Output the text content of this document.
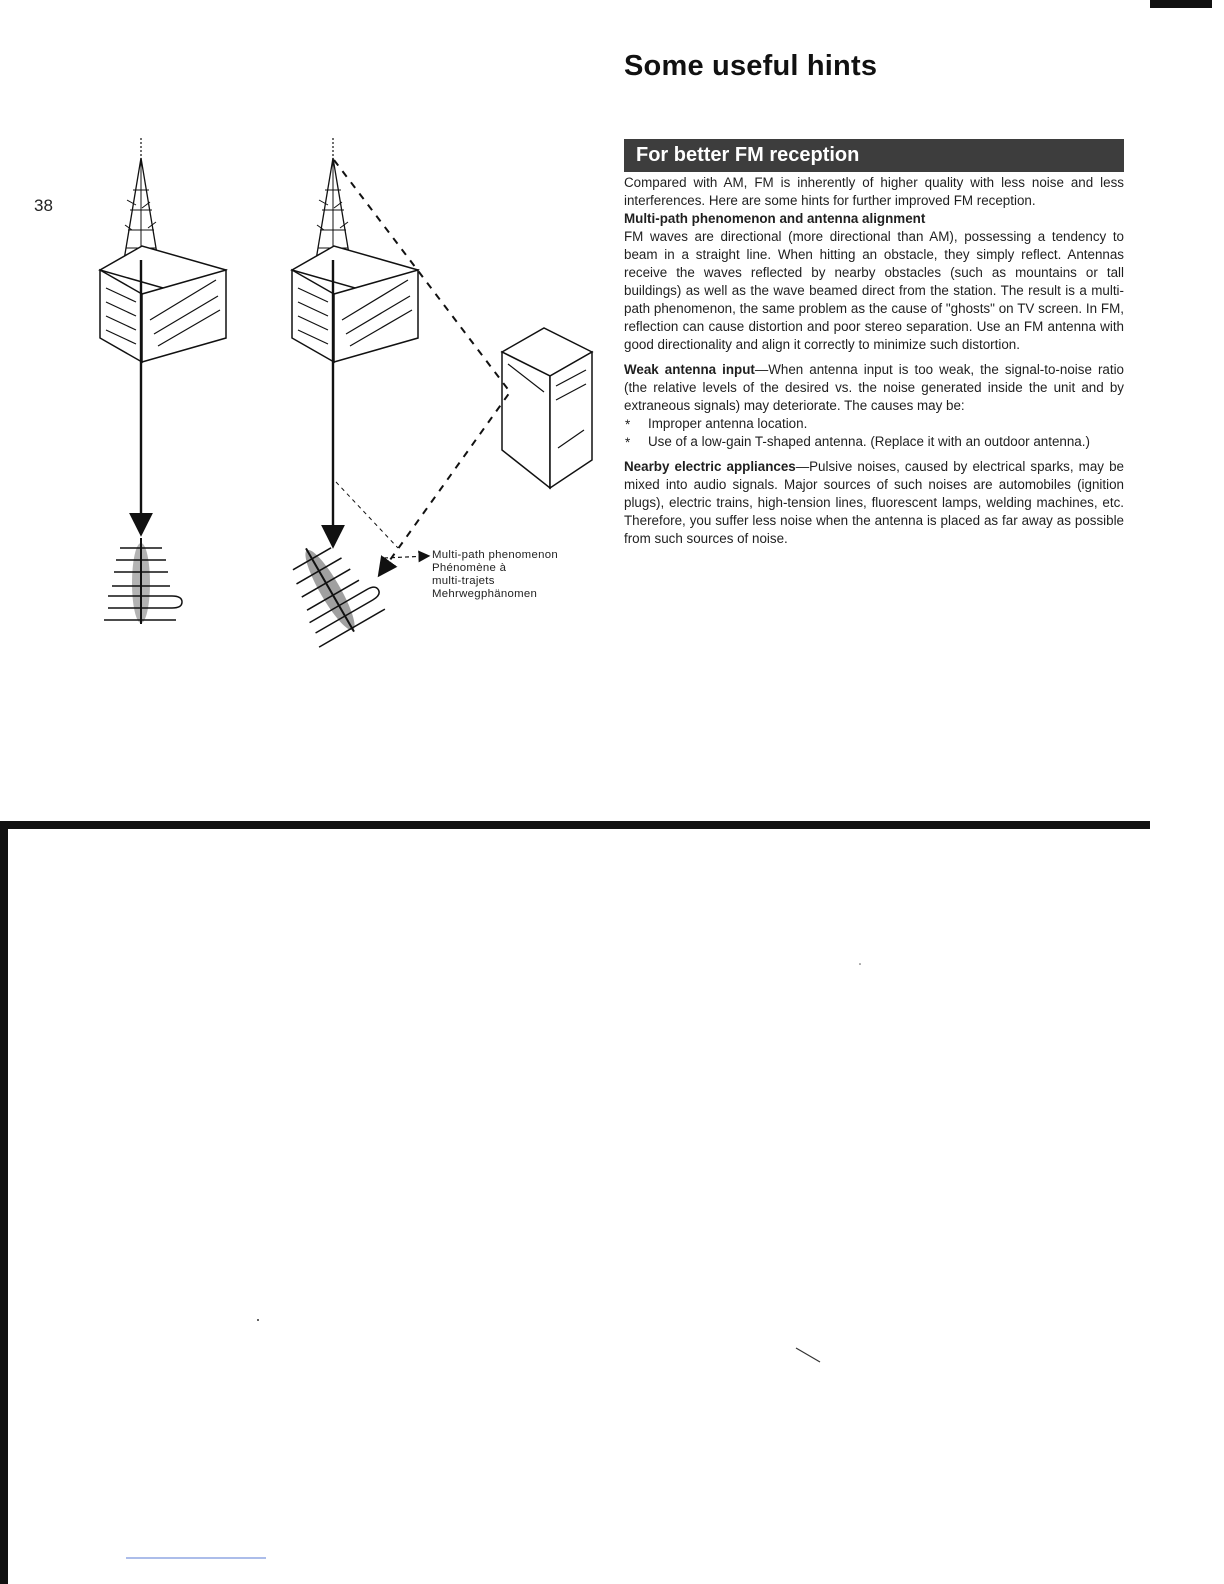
38
Some useful hints
For better FM reception

Compared with AM, FM is inherently of higher quality with less noise and less interferences. Here are some hints for further improved FM reception.

Multi-path phenomenon and antenna alignment

FM waves are directional (more directional than AM), possessing a tendency to beam in a straight line. When hitting an obstacle, they simply reflect. Antennas receive the waves reflected by nearby obstacles (such as mountains or tall buildings) as well as the wave beamed direct from the station. The result is a multi-path phenomenon, the same problem as the cause of "ghosts" on TV screen. In FM, reflection can cause distortion and poor stereo separation. Use an FM antenna with good directionality and align it correctly to minimize such distortion.

Weak antenna input—When antenna input is too weak, the signal-to-noise ratio (the relative levels of the desired vs. the noise generated inside the unit and by extraneous signals) may deteriorate. The causes may be:

* Improper antenna location.
* Use of a low-gain T-shaped antenna. (Replace it with an outdoor antenna.)

Nearby electric appliances—Pulsive noises, caused by electrical sparks, may be mixed into audio signals. Major sources of such noises are automobiles (ignition plugs), electric trains, high-tension lines, fluorescent lamps, welding machines, etc. Therefore, you suffer less noise when the antenna is placed as far away as possible from such sources of noise.

Multi-path phenomenon
Phénomène à
multi-trajets
Mehrwegphänomen
